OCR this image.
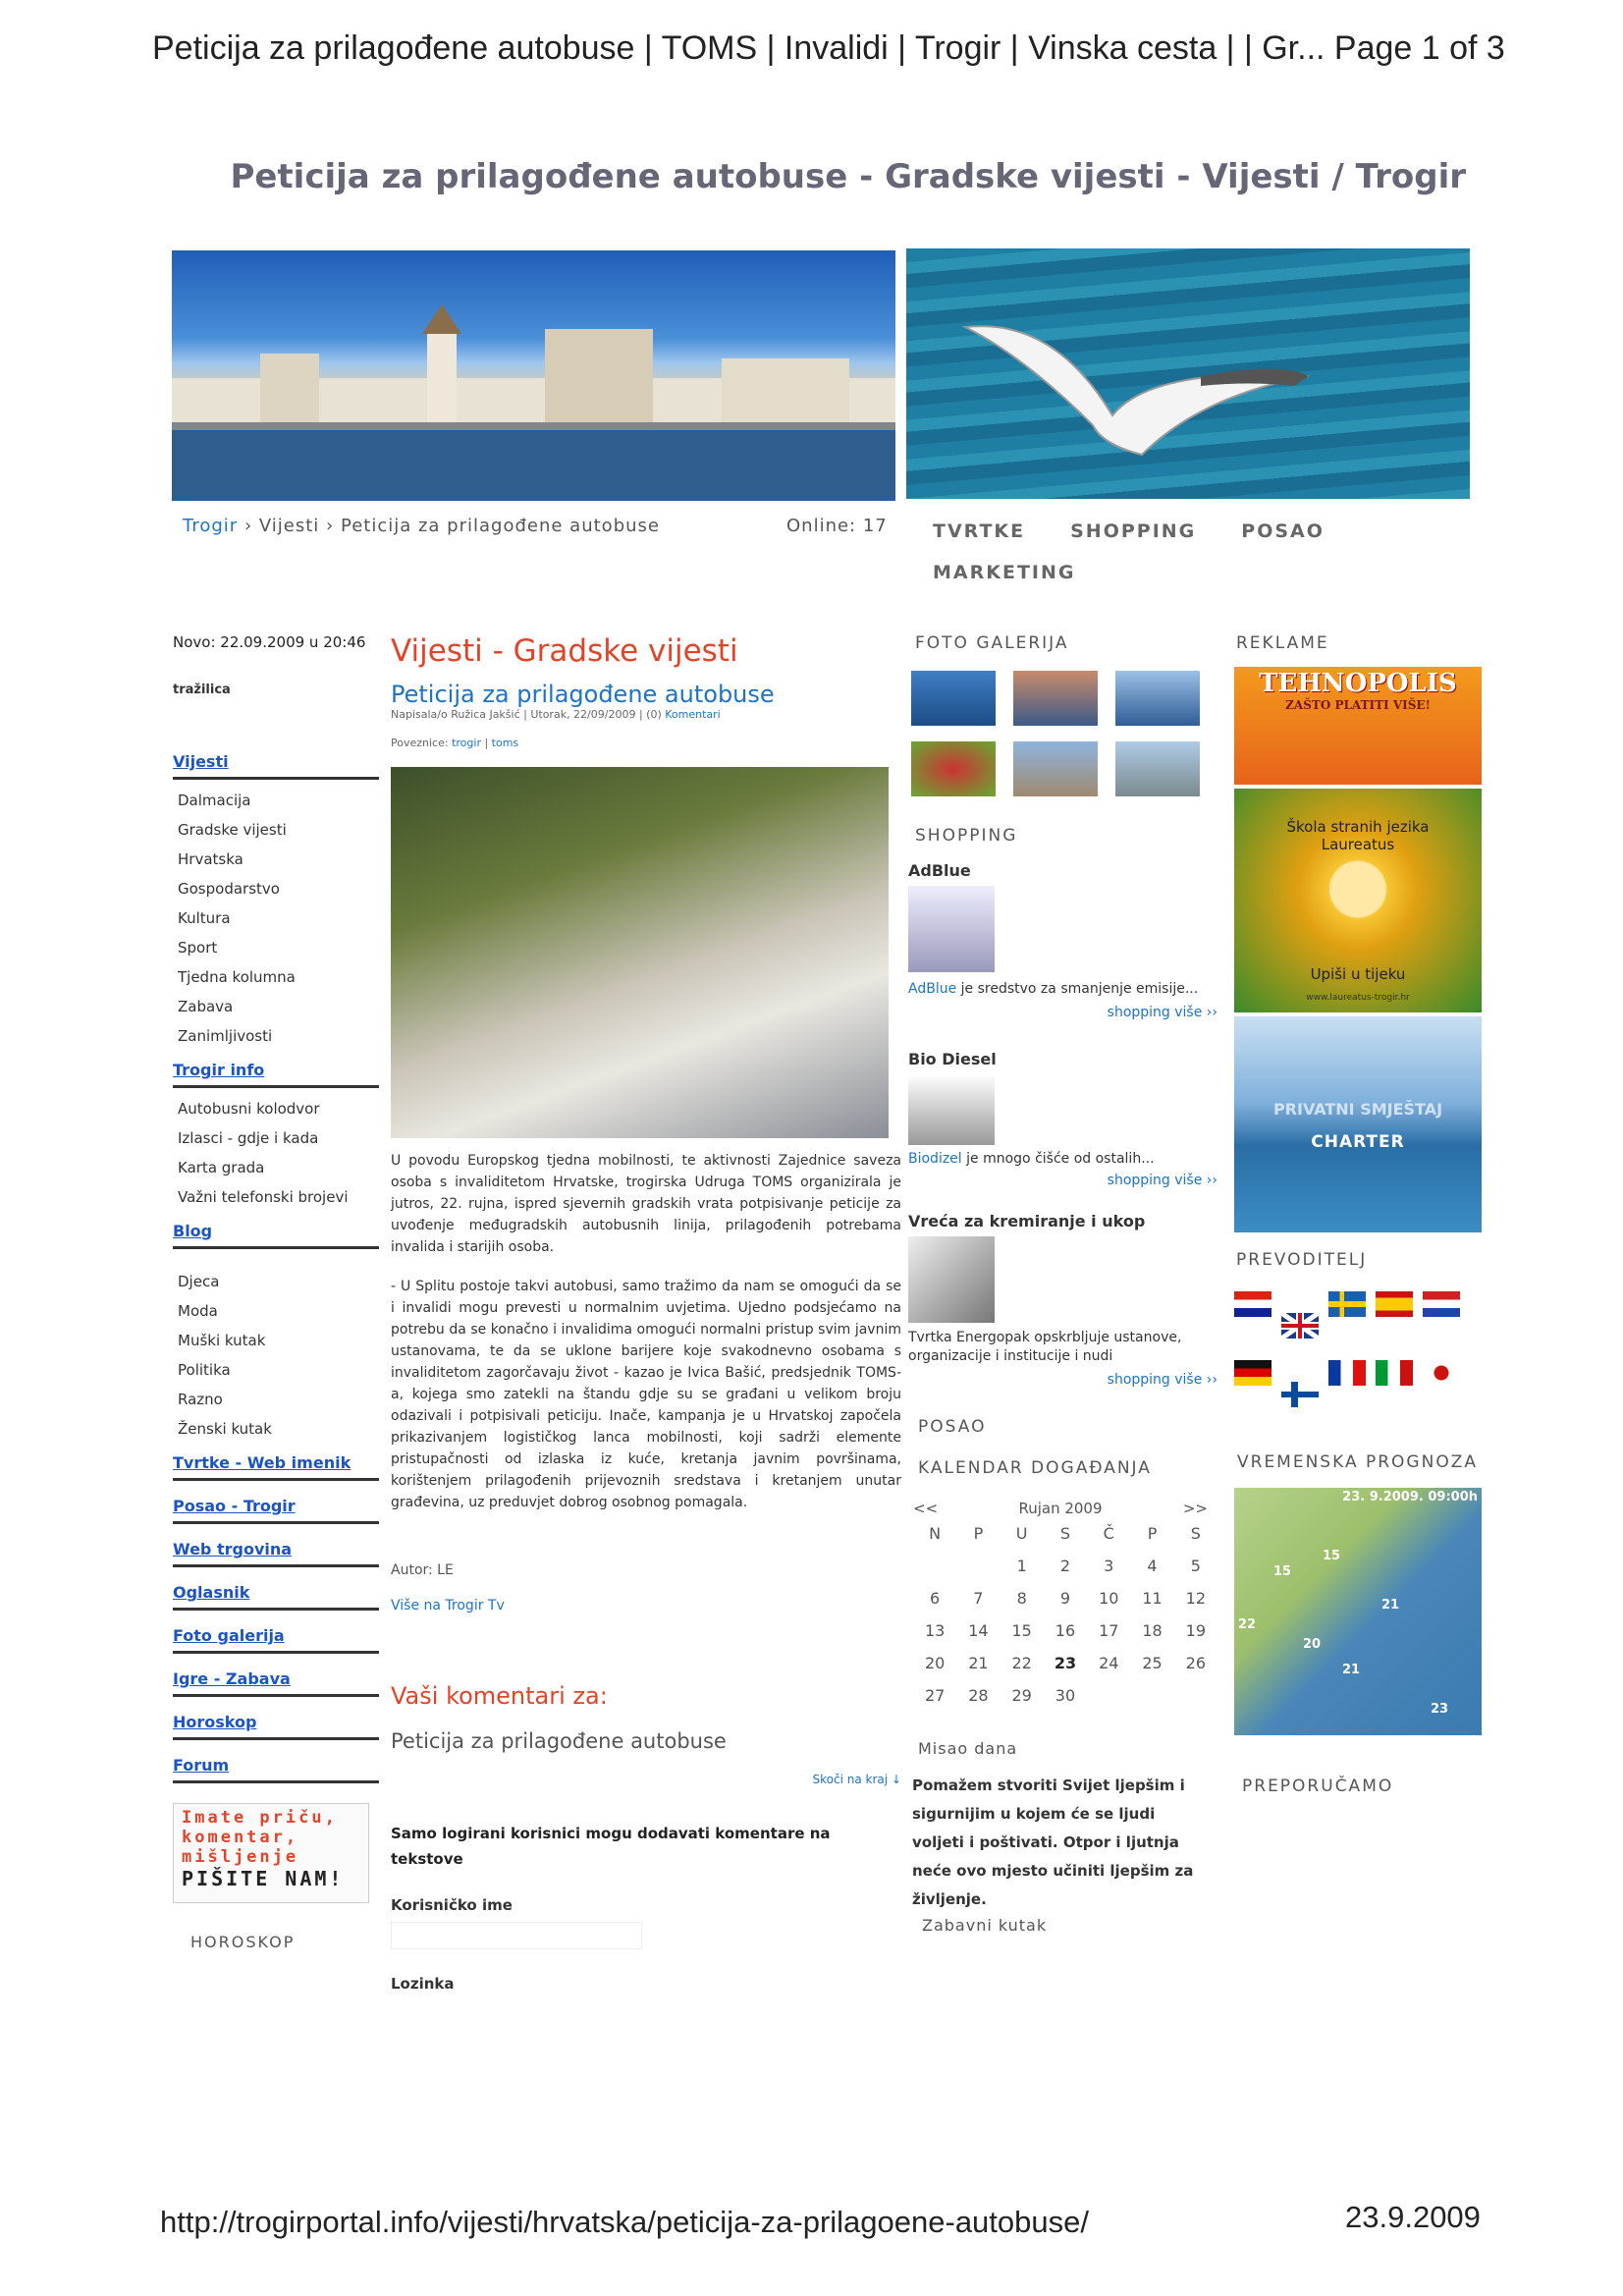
Peticija za prilagođene autobuse | TOMS | Invalidi | Trogir | Vinska cesta | | Gr... Page 1 of 3
Peticija za prilagođene autobuse - Gradske vijesti - Vijesti / Trogir
Trogir › Vijesti › Peticija za prilagođene autobuse	Online: 17 TVRTKE SHOPPING POSAO
MARKETING
Novo: 22.09.2009 u 20:46
tražilica
Vijesti
Dalmacija
Gradske vijesti
Hrvatska
Gospodarstvo
Kultura
Sport
Tjedna kolumna
Zabava
Zanimljivosti
Trogir info
Autobusni kolodvor
Izlasci - gdje i kada
Karta grada
Važni telefonski brojevi
Blog
Djeca
Moda
Muški kutak
Politika
Razno
Ženski kutak
Tvrtke - Web imenik
Posao - Trogir
Web trgovina
Oglasnik
Foto galerija
Igre - Zabava
Horoskop
Forum
Imate priču,
komentar,
mišljenje
PIŠITE NAM!
HOROSKOP
Vijesti - Gradske vijesti
Peticija za prilagođene autobuse
Napisala/o Ružica Jakšić | Utorak, 22/09/2009 | (0) Komentari
Poveznice: trogir | toms
U povodu Europskog tjedna mobilnosti, te aktivnosti Zajednice saveza osoba s invaliditetom Hrvatske, trogirska Udruga TOMS organizirala je jutros, 22. rujna, ispred sjevernih gradskih vrata potpisivanje peticije za uvođenje međugradskih autobusnih linija, prilagođenih potrebama invalida i starijih osoba.
- U Splitu postoje takvi autobusi, samo tražimo da nam se omogući da se i invalidi mogu prevesti u normalnim uvjetima. Ujedno podsjećamo na potrebu da se konačno i invalidima omogući normalni pristup svim javnim ustanovama, te da se uklone barijere koje svakodnevno osobama s invaliditetom zagorčavaju život - kazao je Ivica Bašić, predsjednik TOMS-a, kojega smo zatekli na štandu gdje su se građani u velikom broju odazivali i potpisivali peticiju. Inače, kampanja je u Hrvatskoj započela prikazivanjem logističkog lanca mobilnosti, koji sadrži elemente pristupačnosti od izlaska iz kuće, kretanja javnim površinama, korištenjem prilagođenih prijevoznih sredstava i kretanjem unutar građevina, uz preduvjet dobrog osobnog pomagala.
Autor: LE
Više na Trogir Tv
Vaši komentari za:
Peticija za prilagođene autobuse
Skoči na kraj ↓
Samo logirani korisnici mogu dodavati komentare na tekstove
Korisničko ime
Lozinka
FOTO GALERIJA

SHOPPING
AdBlue
AdBlue je sredstvo za smanjenje emisije...
shopping više ››
Bio Diesel
Biodizel je mnogo čišće od ostalih...
shopping više ››
Vreća za kremiranje i ukop
Tvrtka Energopak opskrbljuje ustanove, organizacije i institucije i nudi
shopping više ››
POSAO
KALENDAR DOGAĐANJA
<<	Rujan 2009	>>
N	P	U	S	Č	P	S
		1	2	3	4	5
6	7	8	9	10	11	12
13	14	15	16	17	18	19
20	21	22	23	24	25	26
27	28	29	30			
Misao dana
Pomažem stvoriti Svijet ljepšim i sigurnijim u kojem će se ljudi voljeti i poštivati. Otpor i ljutnja neće ovo mjesto učiniti ljepšim za življenje.
Zabavni kutak
REKLAME
TEHNOPOLIS
ZAŠTO PLATITI VIŠE!
Škola stranih jezika Laureatus
Upiši u tijeku
www.laureatus-trogir.hr
PRIVATNI SMJEŠTAJ
CHARTER
PREVODITELJ

VREMENSKA PROGNOZA
23. 9.2009. 09:00h
15
15
21
22
20
21
23
PREPORUČAMO
http://trogirportal.info/vijesti/hrvatska/peticija-za-prilagoene-autobuse/	23.9.2009
